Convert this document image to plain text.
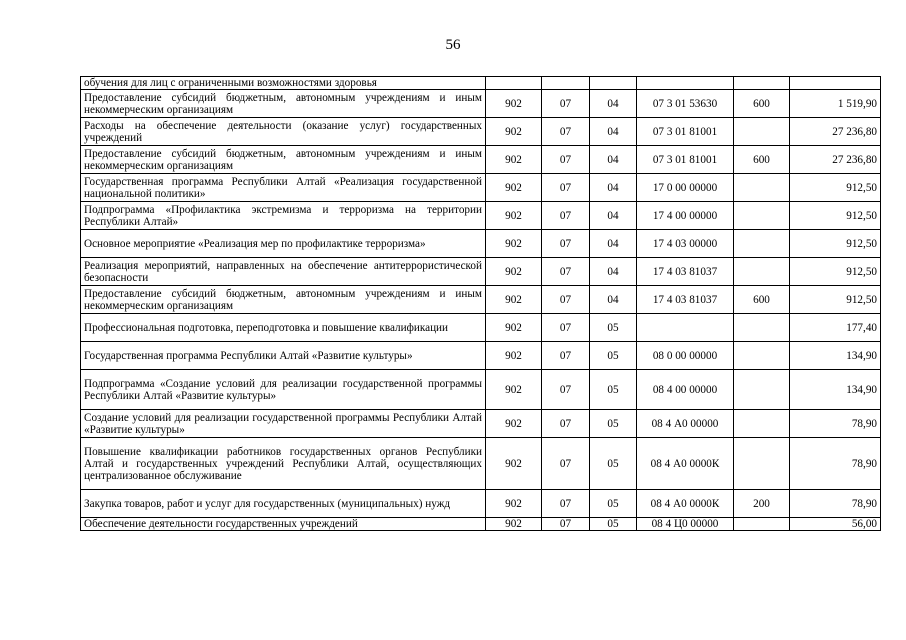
56
обучения для лиц с ограниченными возможностями здоровья						
Предоставление субсидий бюджетным, автономным учреждениям и иным некоммерческим организациям	902	07	04	07 3 01 53630	600	1 519,90
Расходы на обеспечение деятельности (оказание услуг) государственных учреждений	902	07	04	07 3 01 81001		27 236,80
Предоставление субсидий бюджетным, автономным учреждениям и иным некоммерческим организациям	902	07	04	07 3 01 81001	600	27 236,80
Государственная программа Республики Алтай «Реализация государственной национальной политики»	902	07	04	17 0 00 00000		912,50
Подпрограмма «Профилактика экстремизма и терроризма на территории Республики Алтай»	902	07	04	17 4 00 00000		912,50
Основное мероприятие «Реализация мер по профилактике терроризма»	902	07	04	17 4 03 00000		912,50
Реализация мероприятий, направленных на обеспечение антитеррористической безопасности	902	07	04	17 4 03 81037		912,50
Предоставление субсидий бюджетным, автономным учреждениям и иным некоммерческим организациям	902	07	04	17 4 03 81037	600	912,50
Профессиональная подготовка, переподготовка и повышение квалификации	902	07	05			177,40
Государственная программа Республики Алтай «Развитие культуры»	902	07	05	08 0 00 00000		134,90
Подпрограмма «Создание условий для реализации государственной программы Республики Алтай «Развитие культуры»	902	07	05	08 4 00 00000		134,90
Создание условий для реализации государственной программы Республики Алтай «Развитие культуры»	902	07	05	08 4 А0 00000		78,90
Повышение квалификации работников государственных органов Республики Алтай и государственных учреждений Республики Алтай, осуществляющих централизованное обслуживание	902	07	05	08 4 А0 0000К		78,90
Закупка товаров, работ и услуг для государственных (муниципальных) нужд	902	07	05	08 4 А0 0000К	200	78,90
Обеспечение деятельности государственных учреждений	902	07	05	08 4 Ц0 00000		56,00
